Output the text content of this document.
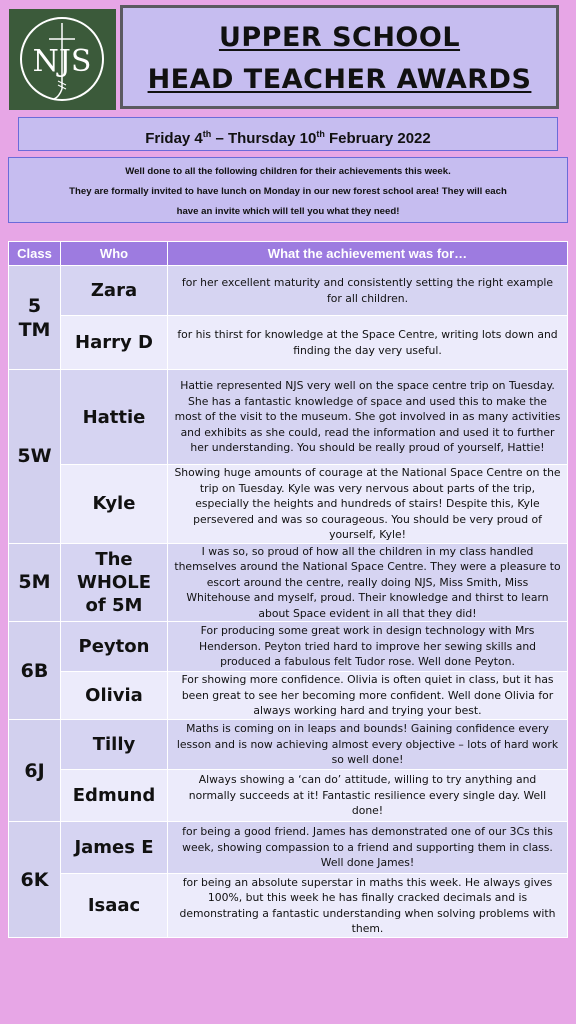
NJS
UPPER SCHOOL
HEAD TEACHER AWARDS
Friday 4th – Thursday 10th February 2022
Well done to all the following children for their achievements this week.
They are formally invited to have lunch on Monday in our new forest school area! They will each
have an invite which will tell you what they need!
Class	Who	What the achievement was for…
5 TM	Zara	for her excellent maturity and consistently setting the right example for all children.
	Harry D	for his thirst for knowledge at the Space Centre, writing lots down and finding the day very useful.
5W	Hattie	Hattie represented NJS very well on the space centre trip on Tuesday. She has a fantastic knowledge of space and used this to make the most of the visit to the museum. She got involved in as many activities and exhibits as she could, read the information and used it to further her understanding. You should be really proud of yourself, Hattie!
	Kyle	Showing huge amounts of courage at the National Space Centre on the trip on Tuesday. Kyle was very nervous about parts of the trip, especially the heights and hundreds of stairs! Despite this, Kyle persevered and was so courageous. You should be very proud of yourself, Kyle!
5M	The WHOLE of 5M	I was so, so proud of how all the children in my class handled themselves around the National Space Centre. They were a pleasure to escort around the centre, really doing NJS, Miss Smith, Miss Whitehouse and myself, proud. Their knowledge and thirst to learn about Space evident in all that they did!
6B	Peyton	For producing some great work in design technology with Mrs Henderson. Peyton tried hard to improve her sewing skills and produced a fabulous felt Tudor rose. Well done Peyton.
	Olivia	For showing more confidence. Olivia is often quiet in class, but it has been great to see her becoming more confident. Well done Olivia for always working hard and trying your best.
6J	Tilly	Maths is coming on in leaps and bounds! Gaining confidence every lesson and is now achieving almost every objective – lots of hard work so well done!
	Edmund	Always showing a ‘can do’ attitude, willing to try anything and normally succeeds at it! Fantastic resilience every single day. Well done!
6K	James E	for being a good friend. James has demonstrated one of our 3Cs this week, showing compassion to a friend and supporting them in class. Well done James!
	Isaac	for being an absolute superstar in maths this week. He always gives 100%, but this week he has finally cracked decimals and is demonstrating a fantastic understanding when solving problems with them.
